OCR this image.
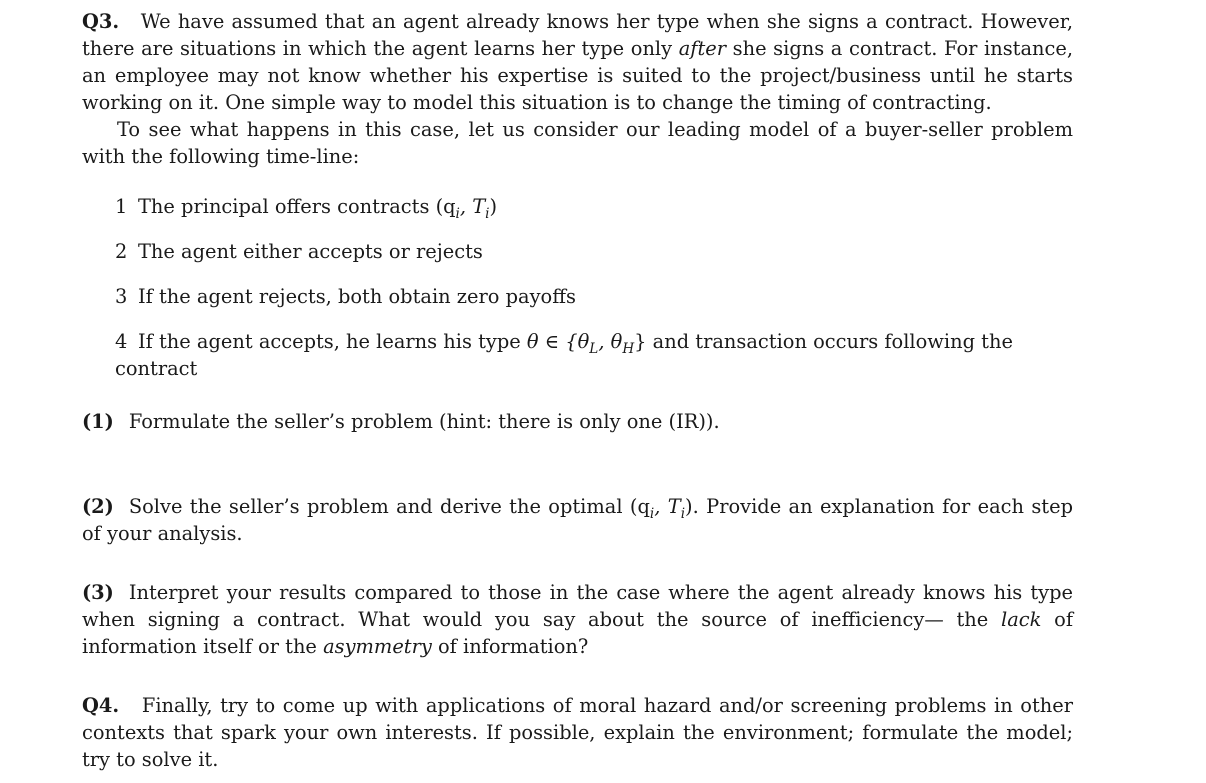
Q3. We have assumed that an agent already knows her type when she signs a contract. However, there are situations in which the agent learns her type only after she signs a contract. For instance, an employee may not know whether his expertise is suited to the project/business until he starts working on it. One simple way to model this situation is to change the timing of contracting.

To see what happens in this case, let us consider our leading model of a buyer-seller problem with the following time-line:

1 The principal offers contracts ($q_i$, $T_i$)
2 The agent either accepts or rejects
3 If the agent rejects, both obtain zero payoffs
4 If the agent accepts, he learns his type θ ∈ {$\theta_L$, $\theta_H$} and transaction occurs following the contract

(1) Formulate the seller’s problem (hint: there is only one (IR)).

(2) Solve the seller’s problem and derive the optimal ($q_i$, $T_i$). Provide an explanation for each step of your analysis.

(3) Interpret your results compared to those in the case where the agent already knows his type when signing a contract. What would you say about the source of inefficiency— the lack of information itself or the asymmetry of information?

Q4. Finally, try to come up with applications of moral hazard and/or screening problems in other contexts that spark your own interests. If possible, explain the environment; formulate the model; try to solve it.
